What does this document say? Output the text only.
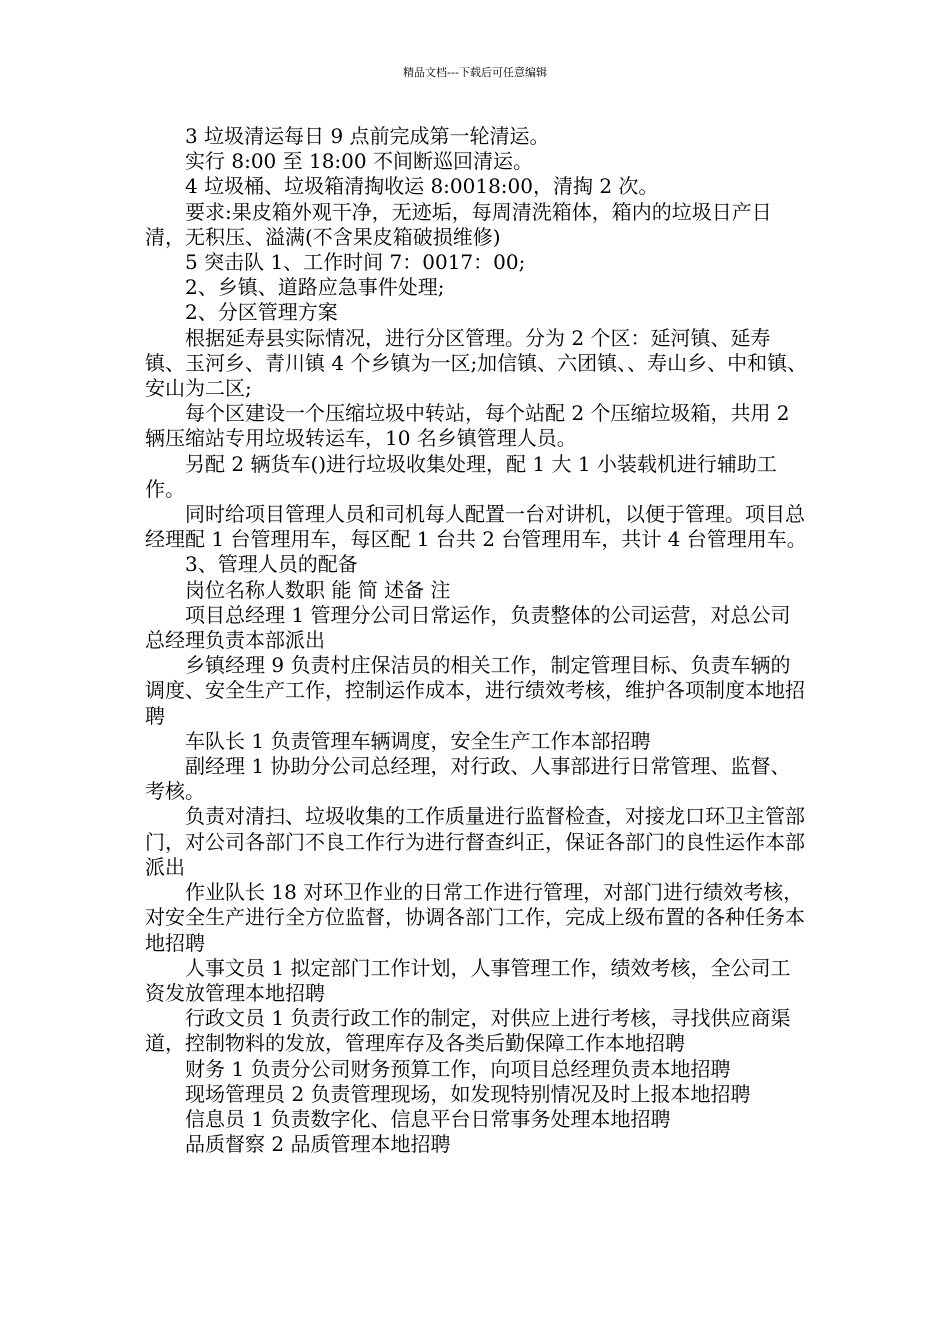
精品文档---下载后可任意编辑

3 垃圾清运每日 9 点前完成第一轮清运。

实行 8:00 至 18:00 不间断巡回清运。

4 垃圾桶、垃圾箱清掏收运 8:0018:00，清掏 2 次。

要求:果皮箱外观干净，无迹垢，每周清洗箱体，箱内的垃圾日产日清，无积压、溢满(不含果皮箱破损维修)

5 突击队 1、工作时间 7：0017：00;

2、乡镇、道路应急事件处理;

2、分区管理方案

根据延寿县实际情况，进行分区管理。分为 2 个区：延河镇、延寿镇、玉河乡、青川镇 4 个乡镇为一区;加信镇、六团镇、、寿山乡、中和镇、安山为二区;

每个区建设一个压缩垃圾中转站，每个站配 2 个压缩垃圾箱，共用 2 辆压缩站专用垃圾转运车，10 名乡镇管理人员。

另配 2 辆货车()进行垃圾收集处理，配 1 大 1 小装载机进行辅助工作。

同时给项目管理人员和司机每人配置一台对讲机，以便于管理。项目总经理配 1 台管理用车，每区配 1 台共 2 台管理用车，共计 4 台管理用车。

3、管理人员的配备

岗位名称人数职 能 简 述备 注

项目总经理 1 管理分公司日常运作，负责整体的公司运营，对总公司总经理负责本部派出

乡镇经理 9 负责村庄保洁员的相关工作，制定管理目标、负责车辆的调度、安全生产工作，控制运作成本，进行绩效考核，维护各项制度本地招聘

车队长 1 负责管理车辆调度，安全生产工作本部招聘

副经理 1 协助分公司总经理，对行政、人事部进行日常管理、监督、考核。

负责对清扫、垃圾收集的工作质量进行监督检查，对接龙口环卫主管部门，对公司各部门不良工作行为进行督查纠正，保证各部门的良性运作本部派出

作业队长 18 对环卫作业的日常工作进行管理，对部门进行绩效考核，对安全生产进行全方位监督，协调各部门工作，完成上级布置的各种任务本地招聘

人事文员 1 拟定部门工作计划，人事管理工作，绩效考核，全公司工资发放管理本地招聘

行政文员 1 负责行政工作的制定，对供应上进行考核，寻找供应商渠道，控制物料的发放，管理库存及各类后勤保障工作本地招聘

财务 1 负责分公司财务预算工作，向项目总经理负责本地招聘

现场管理员 2 负责管理现场，如发现特别情况及时上报本地招聘

信息员 1 负责数字化、信息平台日常事务处理本地招聘

品质督察 2 品质管理本地招聘
